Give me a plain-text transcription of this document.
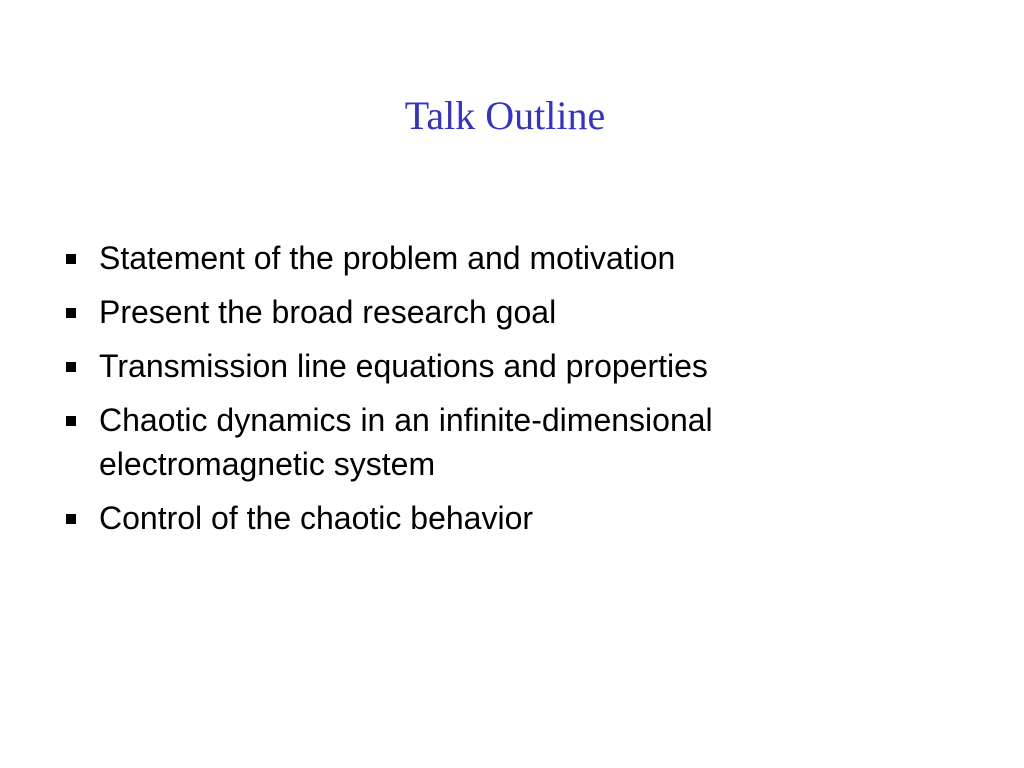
Talk Outline
Statement of the problem and motivation
Present the broad research goal
Transmission line equations and properties
Chaotic dynamics in an infinite-dimensional electromagnetic system
Control of the chaotic behavior
